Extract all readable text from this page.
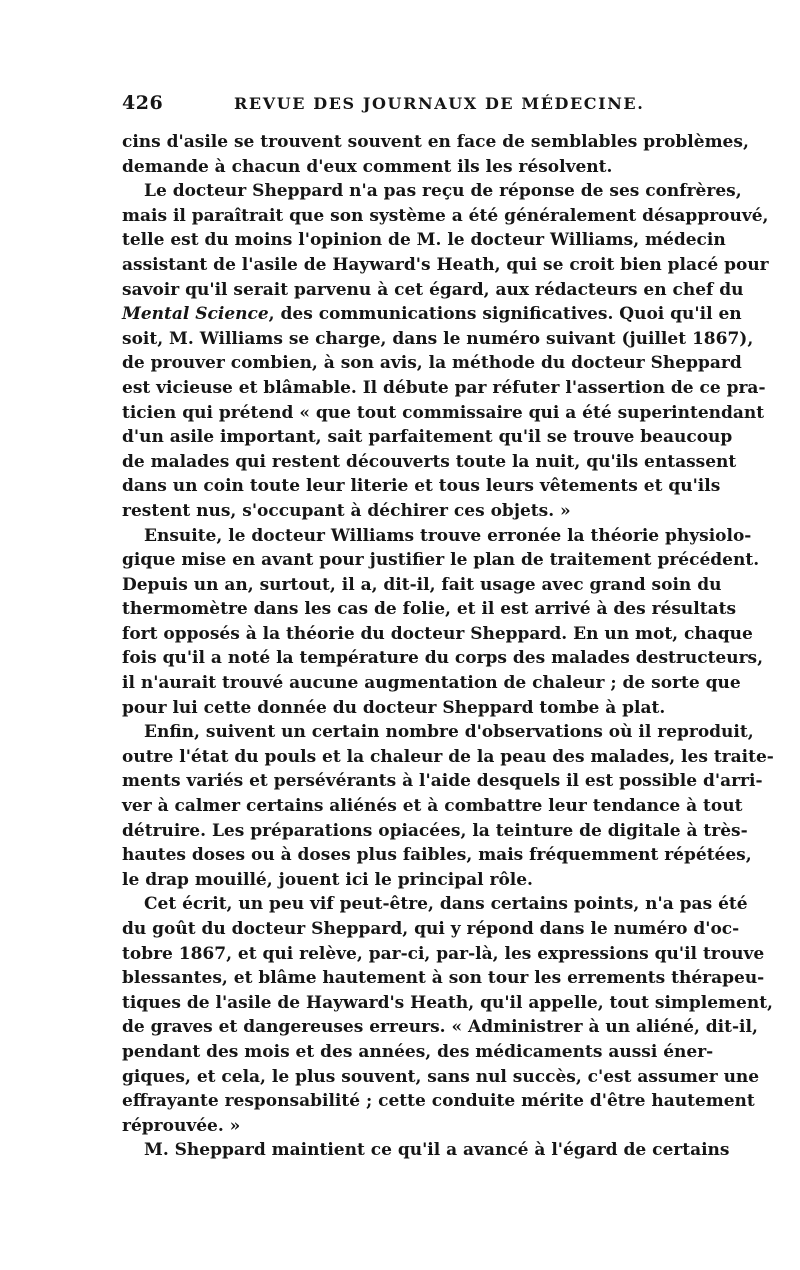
426	REVUE DES JOURNAUX DE MÉDECINE.
cins d'asile se trouvent souvent en face de semblables problèmes,
demande à chacun d'eux comment ils les résolvent.
Le docteur Sheppard n'a pas reçu de réponse de ses confrères,
mais il paraîtrait que son système a été généralement désapprouvé,
telle est du moins l'opinion de M. le docteur Williams, médecin
assistant de l'asile de Hayward's Heath, qui se croit bien placé pour
savoir qu'il serait parvenu à cet égard, aux rédacteurs en chef du
Mental Science, des communications significatives. Quoi qu'il en
soit, M. Williams se charge, dans le numéro suivant (juillet 1867),
de prouver combien, à son avis, la méthode du docteur Sheppard
est vicieuse et blâmable. Il débute par réfuter l'assertion de ce pra-
ticien qui prétend « que tout commissaire qui a été superintendant
d'un asile important, sait parfaitement qu'il se trouve beaucoup
de malades qui restent découverts toute la nuit, qu'ils entassent
dans un coin toute leur literie et tous leurs vêtements et qu'ils
restent nus, s'occupant à déchirer ces objets. »
Ensuite, le docteur Williams trouve erronée la théorie physiolo-
gique mise en avant pour justifier le plan de traitement précédent.
Depuis un an, surtout, il a, dit-il, fait usage avec grand soin du
thermomètre dans les cas de folie, et il est arrivé à des résultats
fort opposés à la théorie du docteur Sheppard. En un mot, chaque
fois qu'il a noté la température du corps des malades destructeurs,
il n'aurait trouvé aucune augmentation de chaleur ; de sorte que
pour lui cette donnée du docteur Sheppard tombe à plat.
Enfin, suivent un certain nombre d'observations où il reproduit,
outre l'état du pouls et la chaleur de la peau des malades, les traite-
ments variés et persévérants à l'aide desquels il est possible d'arri-
ver à calmer certains aliénés et à combattre leur tendance à tout
détruire. Les préparations opiacées, la teinture de digitale à très-
hautes doses ou à doses plus faibles, mais fréquemment répétées,
le drap mouillé, jouent ici le principal rôle.
Cet écrit, un peu vif peut-être, dans certains points, n'a pas été
du goût du docteur Sheppard, qui y répond dans le numéro d'oc-
tobre 1867, et qui relève, par-ci, par-là, les expressions qu'il trouve
blessantes, et blâme hautement à son tour les errements thérapeu-
tiques de l'asile de Hayward's Heath, qu'il appelle, tout simplement,
de graves et dangereuses erreurs. « Administrer à un aliéné, dit-il,
pendant des mois et des années, des médicaments aussi éner-
giques, et cela, le plus souvent, sans nul succès, c'est assumer une
effrayante responsabilité ; cette conduite mérite d'être hautement
réprouvée. »
M. Sheppard maintient ce qu'il a avancé à l'égard de certains
